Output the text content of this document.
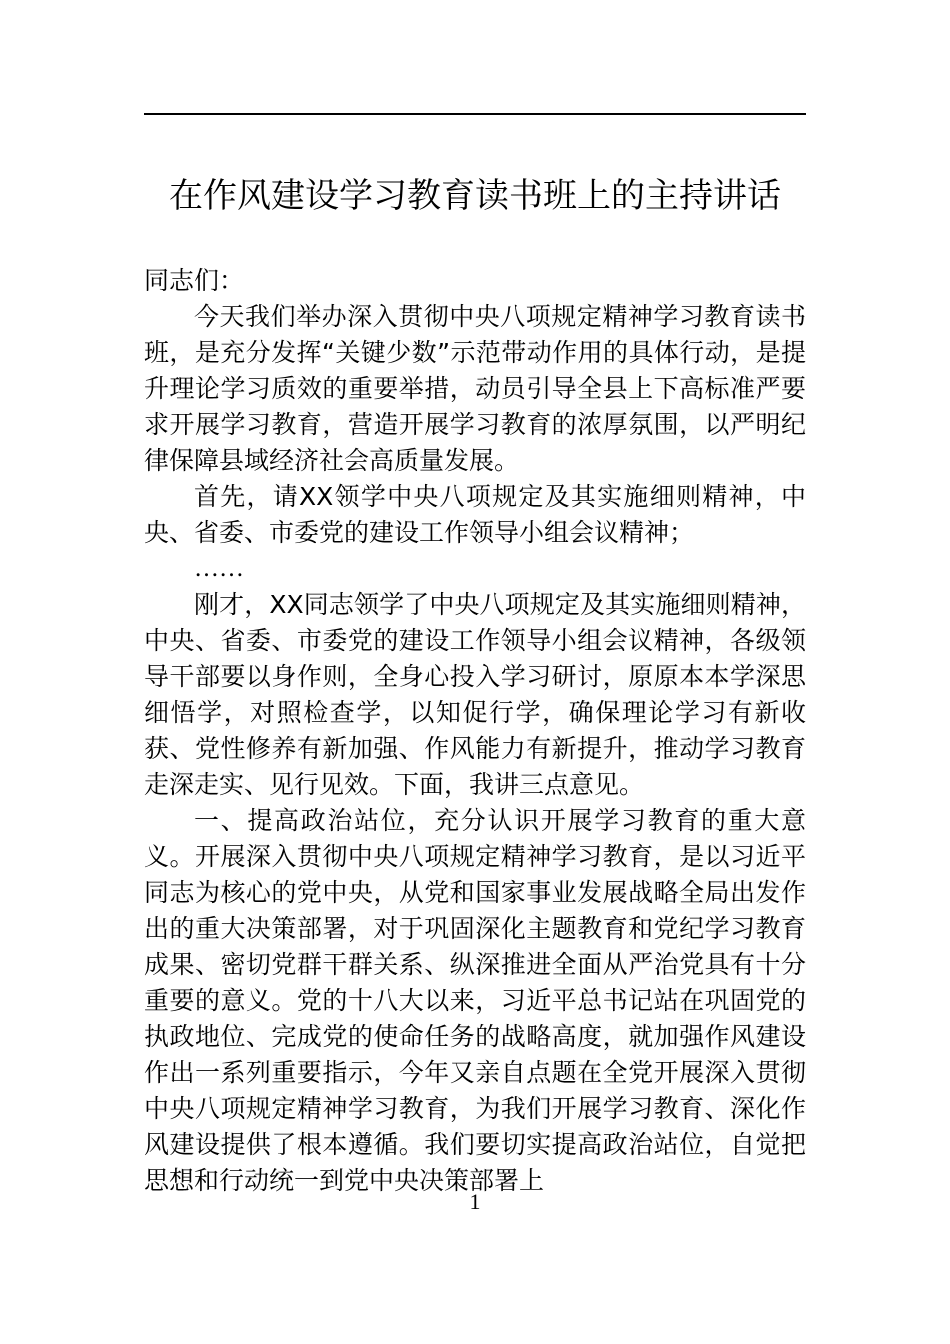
在作风建设学习教育读书班上的主持讲话

同志们：

今天我们举办深入贯彻中央八项规定精神学习教育读书班，是充分发挥“关键少数”示范带动作用的具体行动，是提升理论学习质效的重要举措，动员引导全县上下高标准严要求开展学习教育，营造开展学习教育的浓厚氛围，以严明纪律保障县域经济社会高质量发展。

首先，请XX领学中央八项规定及其实施细则精神，中央、省委、市委党的建设工作领导小组会议精神；

……

刚才，XX同志领学了中央八项规定及其实施细则精神，中央、省委、市委党的建设工作领导小组会议精神，各级领导干部要以身作则，全身心投入学习研讨，原原本本学深思细悟学，对照检查学，以知促行学，确保理论学习有新收获、党性修养有新加强、作风能力有新提升，推动学习教育走深走实、见行见效。下面，我讲三点意见。

一、提高政治站位，充分认识开展学习教育的重大意义。开展深入贯彻中央八项规定精神学习教育，是以习近平同志为核心的党中央，从党和国家事业发展战略全局出发作出的重大决策部署，对于巩固深化主题教育和党纪学习教育成果、密切党群干群关系、纵深推进全面从严治党具有十分重要的意义。党的十八大以来，习近平总书记站在巩固党的执政地位、完成党的使命任务的战略高度，就加强作风建设作出一系列重要指示，今年又亲自点题在全党开展深入贯彻中央八项规定精神学习教育，为我们开展学习教育、深化作风建设提供了根本遵循。我们要切实提高政治站位，自觉把思想和行动统一到党中央决策部署上

1
